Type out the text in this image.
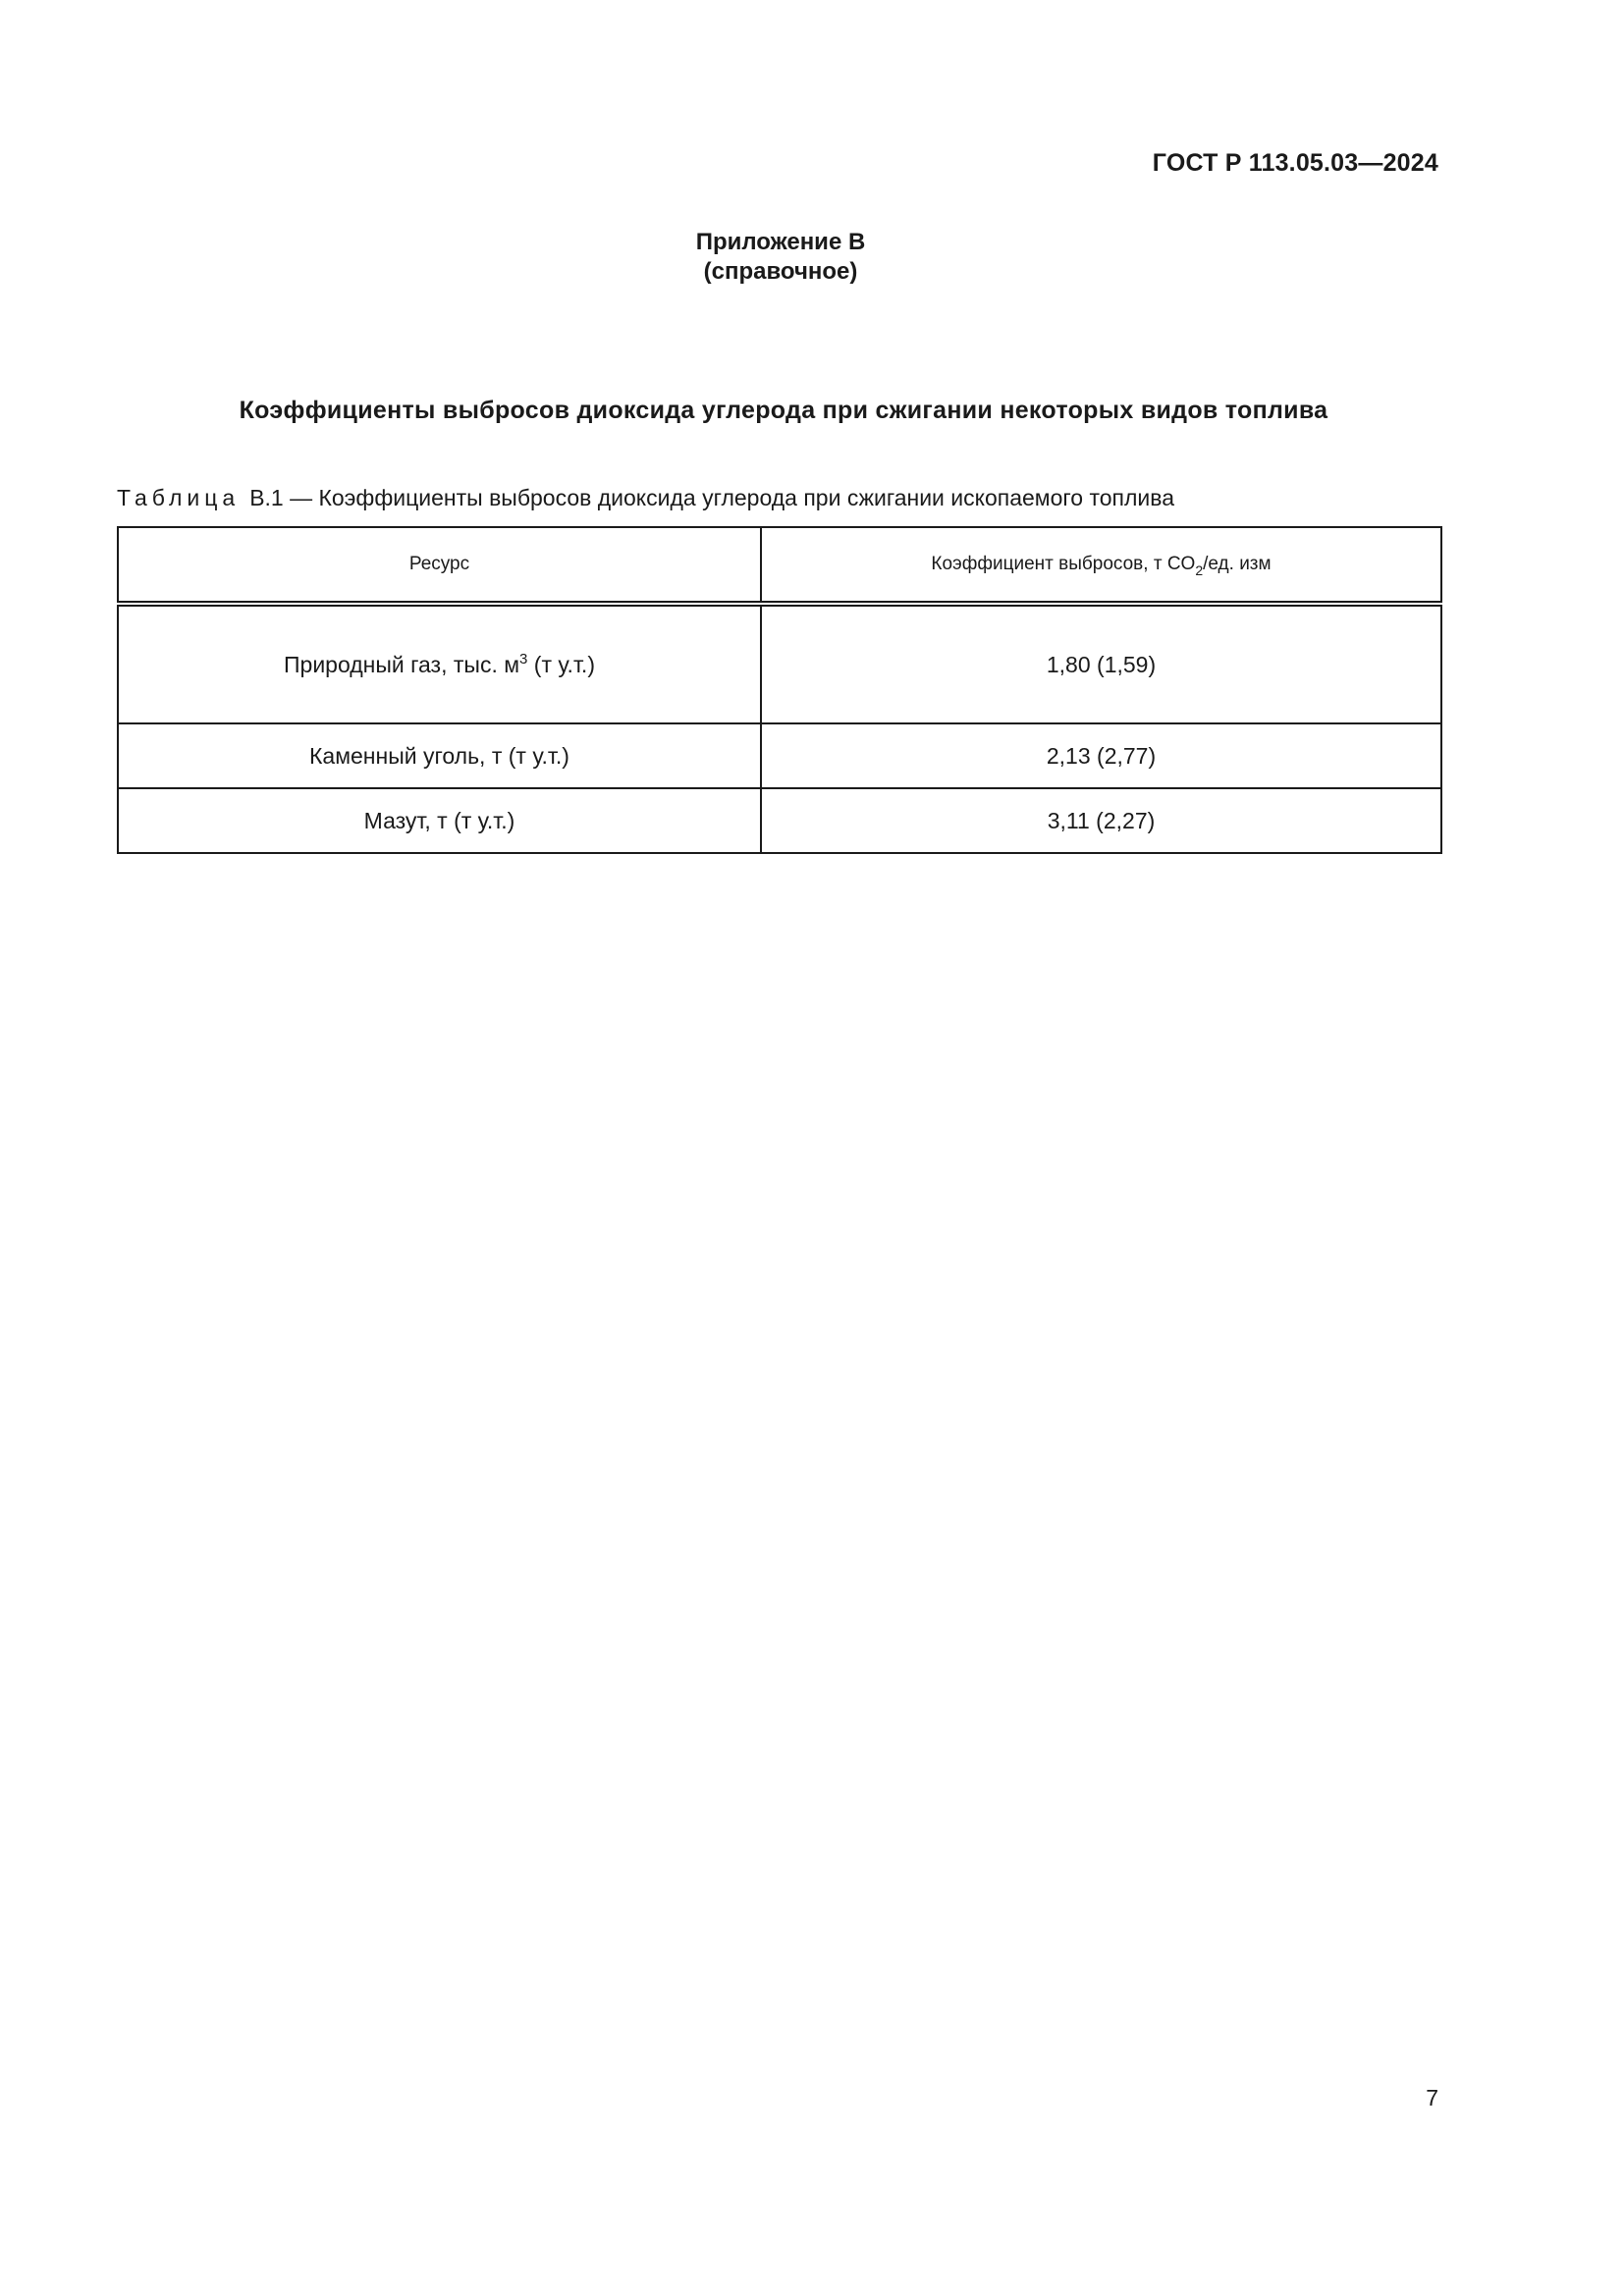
ГОСТ Р 113.05.03—2024
Приложение В
(справочное)
Коэффициенты выбросов диоксида углерода при сжигании некоторых видов топлива
Таблица В.1 — Коэффициенты выбросов диоксида углерода при сжигании ископаемого топлива
Ресурс	Коэффициент выбросов, т $CO_2/ед$. изм
Природный газ, тыс. $м^3$ (т у.т.)	1,80 (1,59)
Каменный уголь, т (т у.т.)	2,13 (2,77)
Мазут, т (т у.т.)	3,11 (2,27)
7
